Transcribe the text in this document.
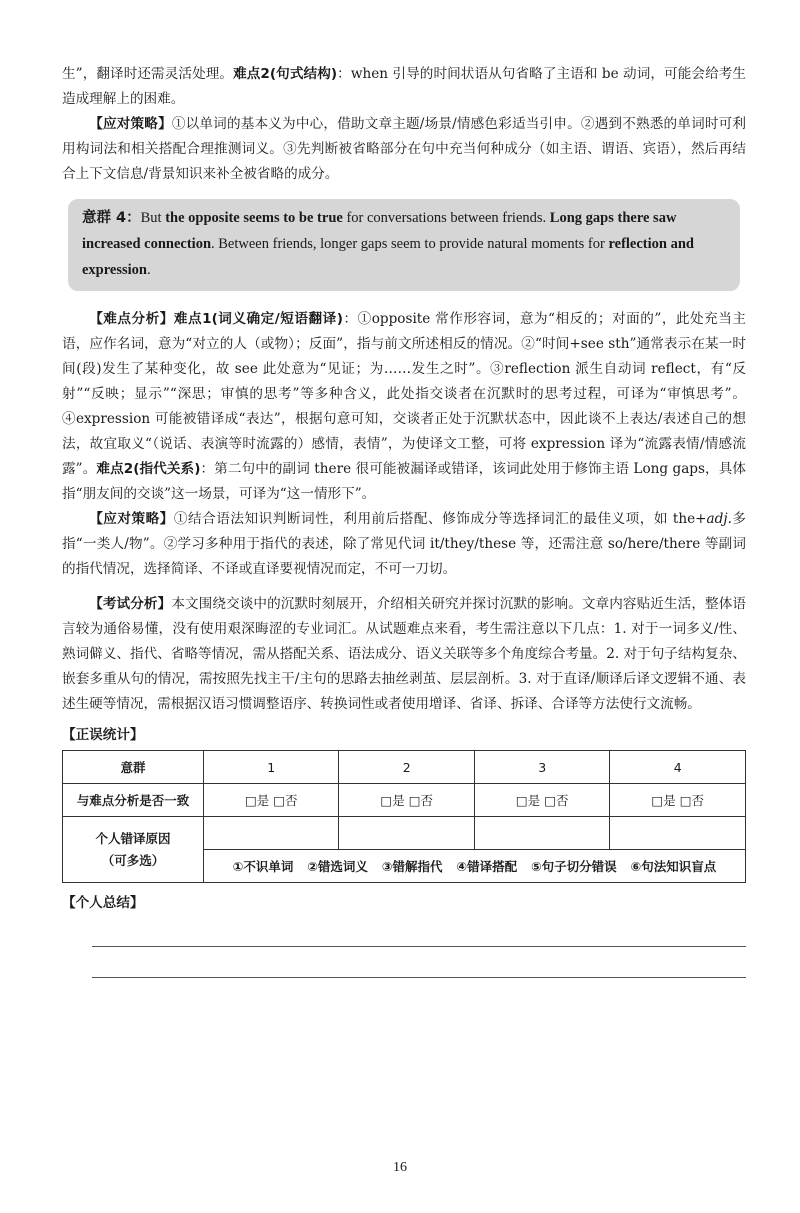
生”，翻译时还需灵活处理。难点2(句式结构)：when 引导的时间状语从句省略了主语和 be 动词，可能会给考生造成理解上的困难。

【应对策略】①以单词的基本义为中心，借助文章主题/场景/情感色彩适当引申。②遇到不熟悉的单词时可利用构词法和相关搭配合理推测词义。③先判断被省略部分在句中充当何种成分（如主语、谓语、宾语），然后再结合上下文信息/背景知识来补全被省略的成分。

意群 4：But the opposite seems to be true for conversations between friends. Long gaps there saw increased connection. Between friends, longer gaps seem to provide natural moments for reflection and expression.

【难点分析】难点1(词义确定/短语翻译)：①opposite 常作形容词，意为“相反的；对面的”，此处充当主语，应作名词，意为“对立的人（或物）；反面”，指与前文所述相反的情况。②“时间+see sth”通常表示在某一时间(段)发生了某种变化，故 see 此处意为“见证；为……发生之时”。③reflection 派生自动词 reflect，有“反射”“反映；显示”“深思；审慎的思考”等多种含义，此处指交谈者在沉默时的思考过程，可译为“审慎思考”。④expression 可能被错译成“表达”，根据句意可知，交谈者正处于沉默状态中，因此谈不上表达/表述自己的想法，故宜取义“（说话、表演等时流露的）感情，表情”，为使译文工整，可将 expression 译为“流露表情/情感流露”。难点2(指代关系)：第二句中的副词 there 很可能被漏译或错译，该词此处用于修饰主语 Long gaps，具体指“朋友间的交谈”这一场景，可译为“这一情形下”。

【应对策略】①结合语法知识判断词性，利用前后搭配、修饰成分等选择词汇的最佳义项，如 the+adj.多指“一类人/物”。②学习多种用于指代的表述，除了常见代词 it/they/these 等，还需注意 so/here/there 等副词的指代情况，选择简译、不译或直译要视情况而定，不可一刀切。

【考试分析】本文围绕交谈中的沉默时刻展开，介绍相关研究并探讨沉默的影响。文章内容贴近生活，整体语言较为通俗易懂，没有使用艰深晦涩的专业词汇。从试题难点来看，考生需注意以下几点：1. 对于一词多义/性、熟词僻义、指代、省略等情况，需从搭配关系、语法成分、语义关联等多个角度综合考量。2. 对于句子结构复杂、嵌套多重从句的情况，需按照先找主干/主句的思路去抽丝剥茧、层层剖析。3. 对于直译/顺译后译文逻辑不通、表述生硬等情况，需根据汉语习惯调整语序、转换词性或者使用增译、省译、拆译、合译等方法使行文流畅。

【正误统计】
意群	1	2	3	4
与难点分析是否一致	□是 □否	□是 □否	□是 □否	□是 □否

个人错译原因
（可多选）				

	①不识单词 ②错选词义 ③错解指代 ④错译搭配 ⑤句子切分错误 ⑥句法知识盲点			
【个人总结】
16
